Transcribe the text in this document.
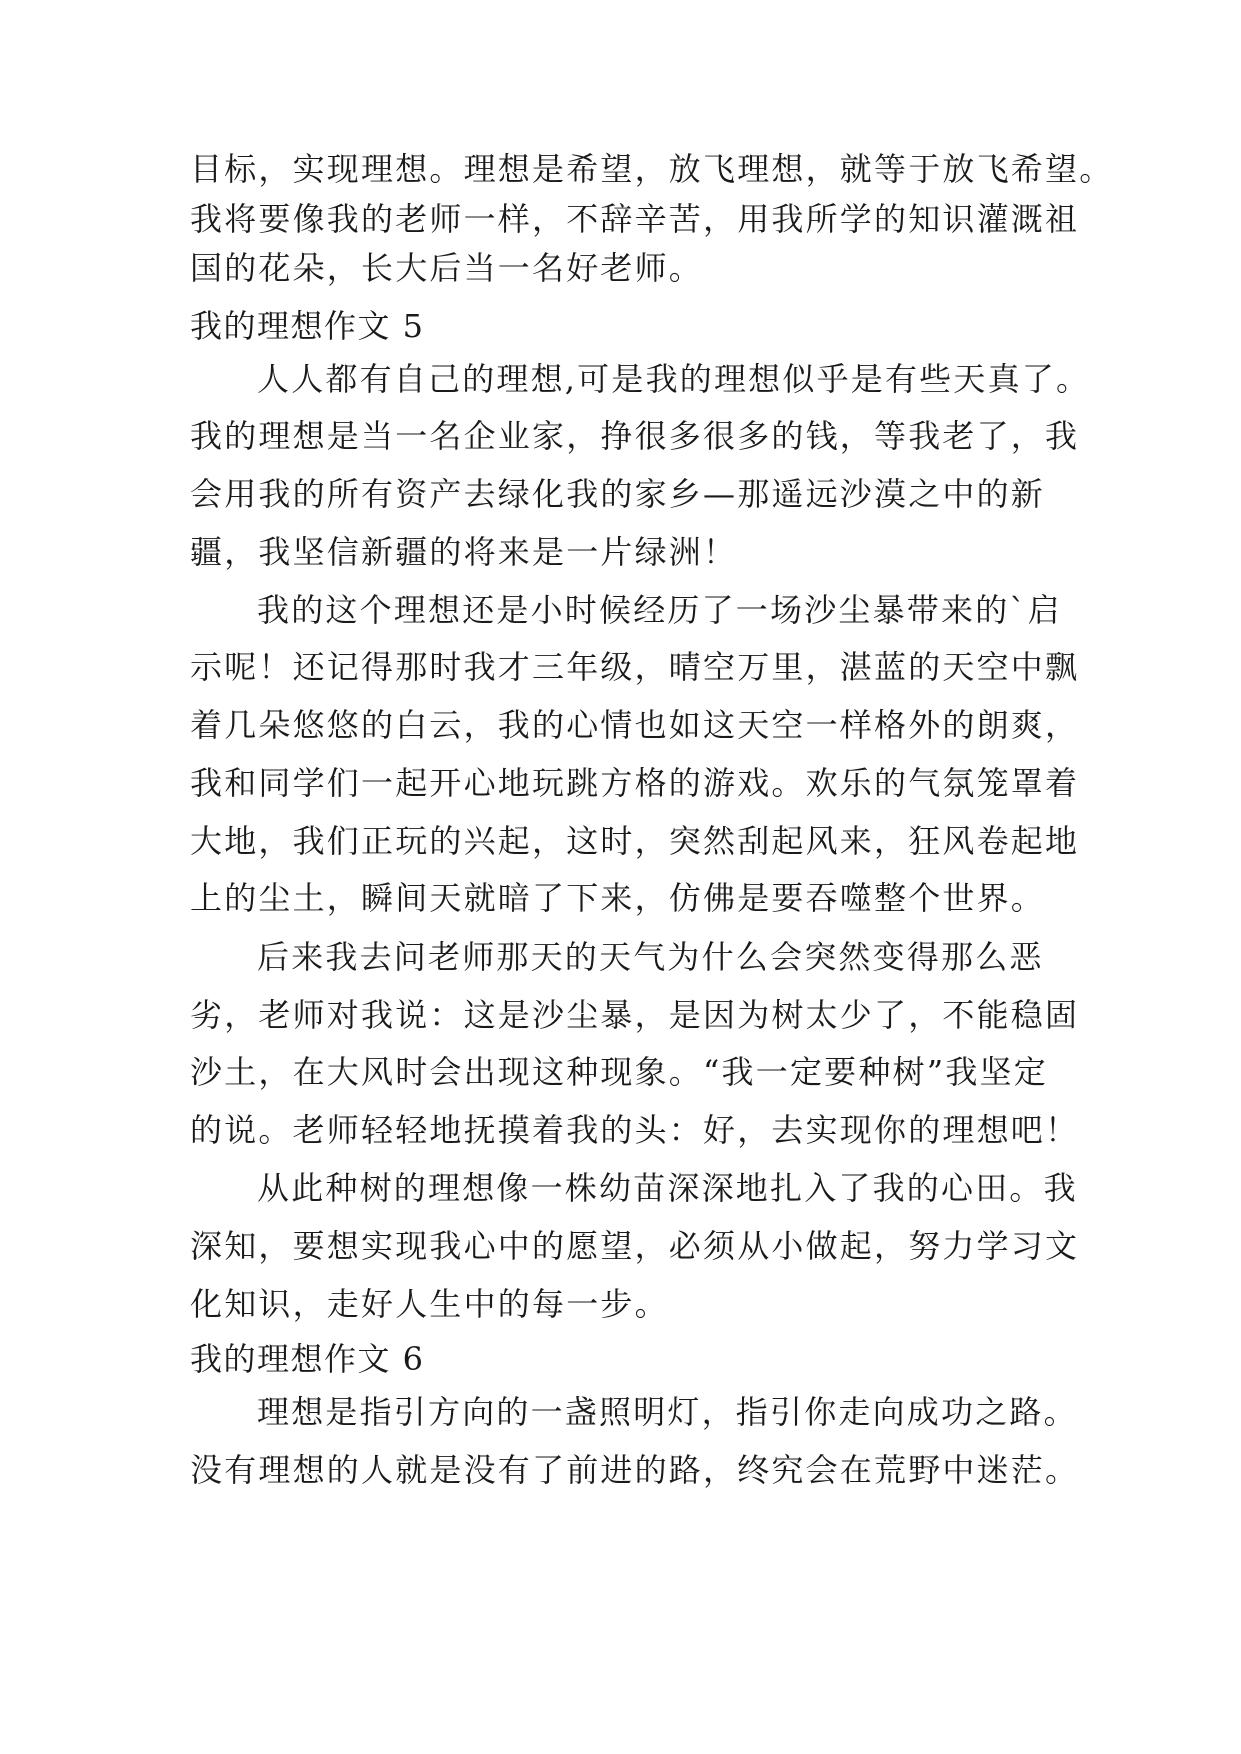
目标，实现理想。理想是希望，放飞理想，就等于放飞希望。
我将要像我的老师一样，不辞辛苦，用我所学的知识灌溉祖
国的花朵，长大后当一名好老师。
我的理想作文 5
人人都有自己的理想,可是我的理想似乎是有些天真了。
我的理想是当一名企业家，挣很多很多的钱，等我老了，我
会用我的所有资产去绿化我的家乡—那遥远沙漠之中的新
疆，我坚信新疆的将来是一片绿洲！
我的这个理想还是小时候经历了一场沙尘暴带来的`启
示呢！还记得那时我才三年级，晴空万里，湛蓝的天空中飘
着几朵悠悠的白云，我的心情也如这天空一样格外的朗爽，
我和同学们一起开心地玩跳方格的游戏。欢乐的气氛笼罩着
大地，我们正玩的兴起，这时，突然刮起风来，狂风卷起地
上的尘土，瞬间天就暗了下来，仿佛是要吞噬整个世界。
后来我去问老师那天的天气为什么会突然变得那么恶
劣，老师对我说：这是沙尘暴，是因为树太少了，不能稳固
沙土，在大风时会出现这种现象。“我一定要种树”我坚定
的说。老师轻轻地抚摸着我的头：好，去实现你的理想吧！
从此种树的理想像一株幼苗深深地扎入了我的心田。我
深知，要想实现我心中的愿望，必须从小做起，努力学习文
化知识，走好人生中的每一步。
我的理想作文 6
理想是指引方向的一盏照明灯，指引你走向成功之路。
没有理想的人就是没有了前进的路，终究会在荒野中迷茫。
